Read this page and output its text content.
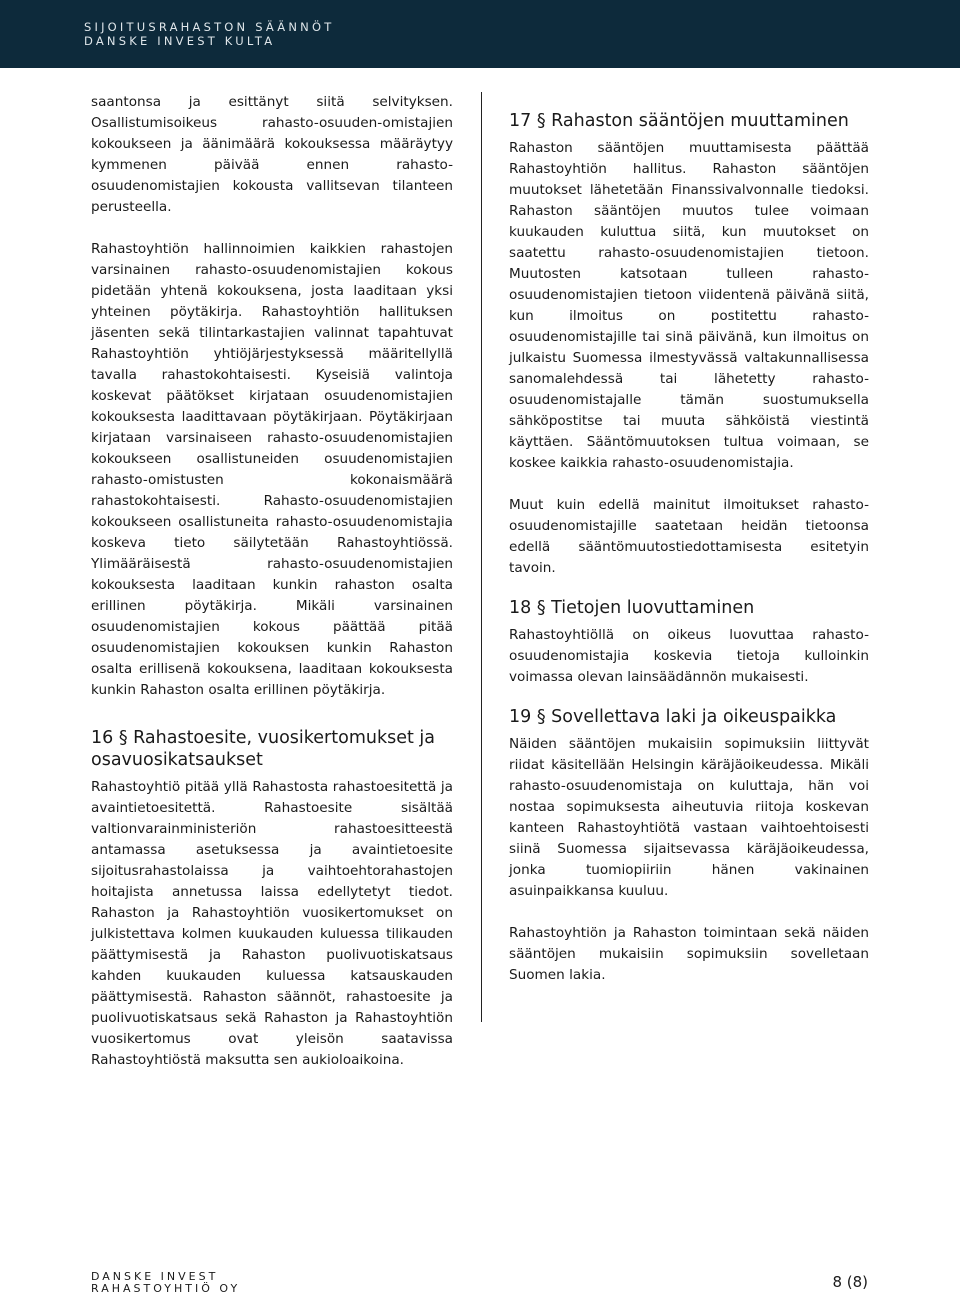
SIJOITUSRAHASTON SÄÄNNÖT
DANSKE INVEST KULTA

saantonsa ja esittänyt siitä selvityksen. Osallistumisoikeus rahasto-osuuden-omistajien kokoukseen ja äänimäärä kokouksessa määräytyy kymmenen päivää ennen rahasto-osuudenomistajien kokousta vallitsevan tilanteen perusteella.

Rahastoyhtiön hallinnoimien kaikkien rahastojen varsinainen rahasto-osuudenomistajien kokous pidetään yhtenä kokouksena, josta laaditaan yksi yhteinen pöytäkirja. Rahastoyhtiön hallituksen jäsenten sekä tilintarkastajien valinnat tapahtuvat Rahastoyhtiön yhtiöjärjestyksessä määritellyllä tavalla rahastokohtaisesti. Kyseisiä valintoja koskevat päätökset kirjataan osuudenomistajien kokouksesta laadittavaan pöytäkirjaan. Pöytäkirjaan kirjataan varsinaiseen rahasto-osuudenomistajien kokoukseen osallistuneiden osuudenomistajien rahasto-omistusten kokonaismäärä rahastokohtaisesti. Rahasto-osuudenomistajien kokoukseen osallistuneita rahasto-osuudenomistajia koskeva tieto säilytetään Rahastoyhtiössä. Ylimääräisestä rahasto-osuudenomistajien kokouksesta laaditaan kunkin rahaston osalta erillinen pöytäkirja. Mikäli varsinainen osuudenomistajien kokous päättää pitää osuudenomistajien kokouksen kunkin Rahaston osalta erillisenä kokouksena, laaditaan kokouksesta kunkin Rahaston osalta erillinen pöytäkirja.

16 § Rahastoesite, vuosikertomukset ja osavuosikatsaukset

Rahastoyhtiö pitää yllä Rahastosta rahastoesitettä ja avaintietoesitettä. Rahastoesite sisältää valtionvarainministeriön rahastoesitteestä antamassa asetuksessa ja avaintietoesite sijoitusrahastolaissa ja vaihtoehtorahastojen hoitajista annetussa laissa edellytetyt tiedot. Rahaston ja Rahastoyhtiön vuosikertomukset on julkistettava kolmen kuukauden kuluessa tilikauden päättymisestä ja Rahaston puolivuotiskatsaus kahden kuukauden kuluessa katsauskauden päättymisestä. Rahaston säännöt, rahastoesite ja puolivuotiskatsaus sekä Rahaston ja Rahastoyhtiön vuosikertomus ovat yleisön saatavissa Rahastoyhtiöstä maksutta sen aukioloaikoina.

17 § Rahaston sääntöjen muuttaminen

Rahaston sääntöjen muuttamisesta päättää Rahastoyhtiön hallitus. Rahaston sääntöjen muutokset lähetetään Finanssivalvonnalle tiedoksi. Rahaston sääntöjen muutos tulee voimaan kuukauden kuluttua siitä, kun muutokset on saatettu rahasto-osuudenomistajien tietoon. Muutosten katsotaan tulleen rahasto-osuudenomistajien tietoon viidentenä päivänä siitä, kun ilmoitus on postitettu rahasto-osuudenomistajille tai sinä päivänä, kun ilmoitus on julkaistu Suomessa ilmestyvässä valtakunnallisessa sanomalehdessä tai lähetetty rahasto-osuudenomistajalle tämän suostumuksella sähköpostitse tai muuta sähköistä viestintä käyttäen. Sääntömuutoksen tultua voimaan, se koskee kaikkia rahasto-osuudenomistajia.

Muut kuin edellä mainitut ilmoitukset rahasto-osuudenomistajille saatetaan heidän tietoonsa edellä sääntömuutostiedottamisesta esitetyin tavoin.

18 § Tietojen luovuttaminen

Rahastoyhtiöllä on oikeus luovuttaa rahasto-osuudenomistajia koskevia tietoja kulloinkin voimassa olevan lainsäädännön mukaisesti.

19 § Sovellettava laki ja oikeuspaikka

Näiden sääntöjen mukaisiin sopimuksiin liittyvät riidat käsitellään Helsingin käräjäoikeudessa. Mikäli rahasto-osuudenomistaja on kuluttaja, hän voi nostaa sopimuksesta aiheutuvia riitoja koskevan kanteen Rahastoyhtiötä vastaan vaihtoehtoisesti siinä Suomessa sijaitsevassa käräjäoikeudessa, jonka tuomiopiiriin hänen vakinainen asuinpaikkansa kuuluu.

Rahastoyhtiön ja Rahaston toimintaan sekä näiden sääntöjen mukaisiin sopimuksiin sovelletaan Suomen lakia.

DANSKE INVEST
RAHASTOYHTIÖ OY	8 (8)
